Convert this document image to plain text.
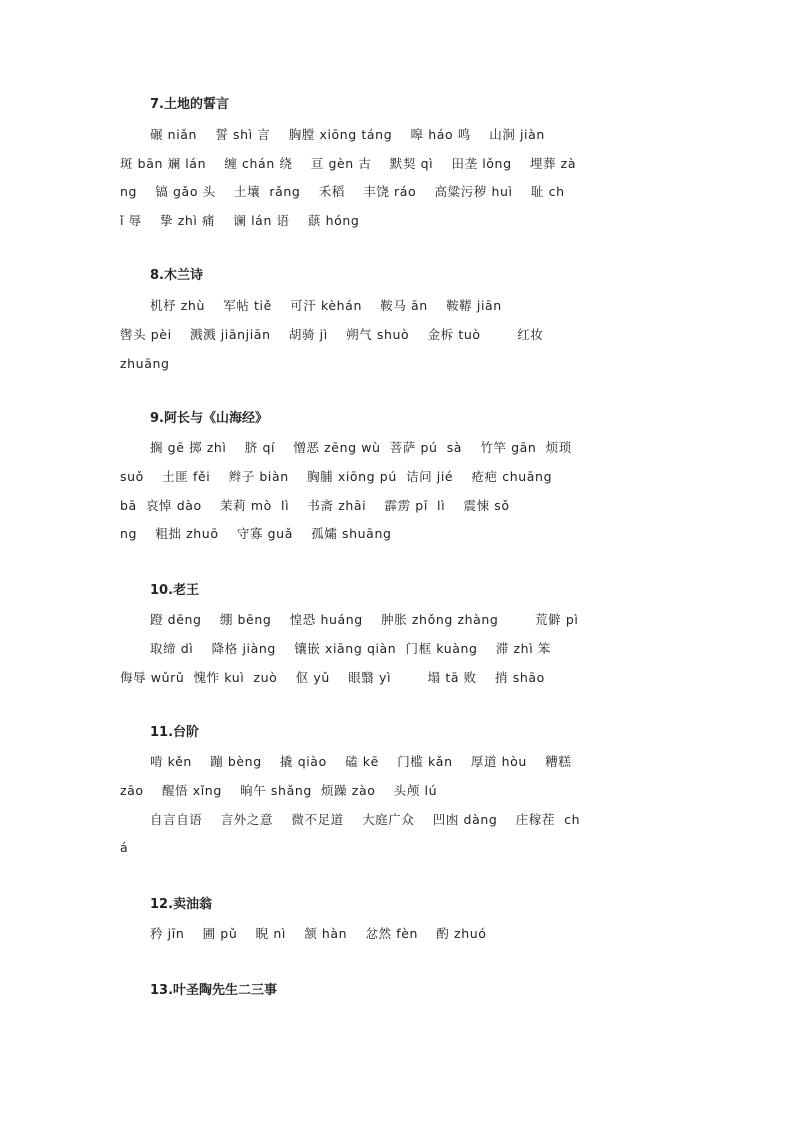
7.土地的誓言
碾 niǎn    誓 shì 言    胸膛 xiōng táng    嗥 háo 鸣    山涧 jiàn
斑 bān 斓 lán    缠 chán 绕    亘 gèn 古    默契 qì    田垄 lǒng    埋葬 zà
ng    镐 gǎo 头    土壤  rǎng    禾稻    丰饶 ráo    高粱污秽 huì    耻 ch
ǐ 辱    挚 zhì 痛    谰 lán 语    蕻 hóng
8.木兰诗
机杼 zhù    军帖 tiě    可汗 kèhán    鞍马 ān    鞍鞯 jiān
辔头 pèi    溅溅 jiānjiān    胡骑 jì    朔气 shuò    金柝 tuò        红妆
zhuāng
9.阿长与《山海经》
搁 gē 掷 zhì    脐 qí    憎恶 zēng wù  菩萨 pú  sà    竹竿 gān  烦琐
suǒ    土匪 fěi    辫子 biàn    胸脯 xiōng pú  诘问 jié    疮疤 chuāng
bā  哀悼 dào    茉莉 mò  lì    书斋 zhāi    霹雳 pī  lì    震悚 sǒ
ng    粗拙 zhuō    守寡 guǎ    孤孀 shuāng
10.老王
蹬 dēng    绷 bēng    惶恐 huáng    肿胀 zhǒng zhàng        荒僻 pì
取缔 dì    降格 jiàng    镶嵌 xiāng qiàn  门框 kuàng    滞 zhì 笨
侮辱 wǔrǔ  愧怍 kuì  zuò    伛 yǔ    眼翳 yì        塌 tā 败    捎 shāo
11.台阶
啃 kěn    蹦 bèng    撬 qiào    磕 kē    门槛 kǎn    厚道 hòu    糟糕
zāo    醒悟 xǐng    晌午 shǎng  烦躁 zào    头颅 lú
自言自语    言外之意    微不足道    大庭广众    凹凼 dàng    庄稼茬  ch
á
12.卖油翁
矜 jīn    圃 pǔ    睨 nì    颔 hàn    忿然 fèn    酌 zhuó
13.叶圣陶先生二三事
